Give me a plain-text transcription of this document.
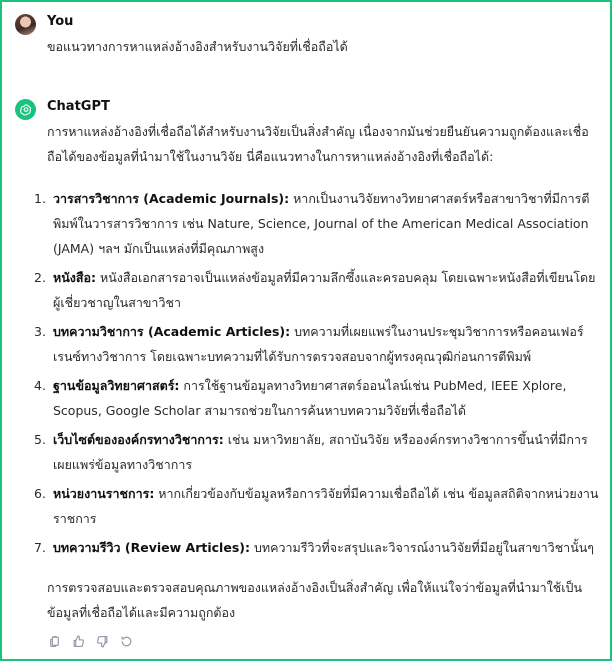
You
ขอแนวทางการหาแหล่งอ้างอิงสำหรับงานวิจัยที่เชื่อถือได้
ChatGPT
การหาแหล่งอ้างอิงที่เชื่อถือได้สำหรับงานวิจัยเป็นสิ่งสำคัญ เนื่องจากมันช่วยยืนยันความถูกต้องและเชื่อถือได้ของข้อมูลที่นำมาใช้ในงานวิจัย นี่คือแนวทางในการหาแหล่งอ้างอิงที่เชื่อถือได้:
1. วารสารวิชาการ (Academic Journals): หากเป็นงานวิจัยทางวิทยาศาสตร์หรือสาขาวิชาที่มีการตีพิมพ์ในวารสารวิชาการ เช่น Nature, Science, Journal of the American Medical Association (JAMA) ฯลฯ มักเป็นแหล่งที่มีคุณภาพสูง
2. หนังสือ: หนังสือเอกสารอาจเป็นแหล่งข้อมูลที่มีความลึกซึ้งและครอบคลุม โดยเฉพาะหนังสือที่เขียนโดยผู้เชี่ยวชาญในสาขาวิชา
3. บทความวิชาการ (Academic Articles): บทความที่เผยแพร่ในงานประชุมวิชาการหรือคอนเฟอร์เรนซ์ทางวิชาการ โดยเฉพาะบทความที่ได้รับการตรวจสอบจากผู้ทรงคุณวุฒิก่อนการตีพิมพ์
4. ฐานข้อมูลวิทยาศาสตร์: การใช้ฐานข้อมูลทางวิทยาศาสตร์ออนไลน์เช่น PubMed, IEEE Xplore, Scopus, Google Scholar สามารถช่วยในการค้นหาบทความวิจัยที่เชื่อถือได้
5. เว็บไซต์ขององค์กรทางวิชาการ: เช่น มหาวิทยาลัย, สถาบันวิจัย หรือองค์กรทางวิชาการขึ้นนำที่มีการเผยแพร่ข้อมูลทางวิชาการ
6. หน่วยงานราชการ: หากเกี่ยวข้องกับข้อมูลหรือการวิจัยที่มีความเชื่อถือได้ เช่น ข้อมูลสถิติจากหน่วยงานราชการ
7. บทความรีวิว (Review Articles): บทความรีวิวที่จะสรุปและวิจารณ์งานวิจัยที่มีอยู่ในสาขาวิชานั้นๆ
การตรวจสอบและตรวจสอบคุณภาพของแหล่งอ้างอิงเป็นสิ่งสำคัญ เพื่อให้แน่ใจว่าข้อมูลที่นำมาใช้เป็นข้อมูลที่เชื่อถือได้และมีความถูกต้อง
